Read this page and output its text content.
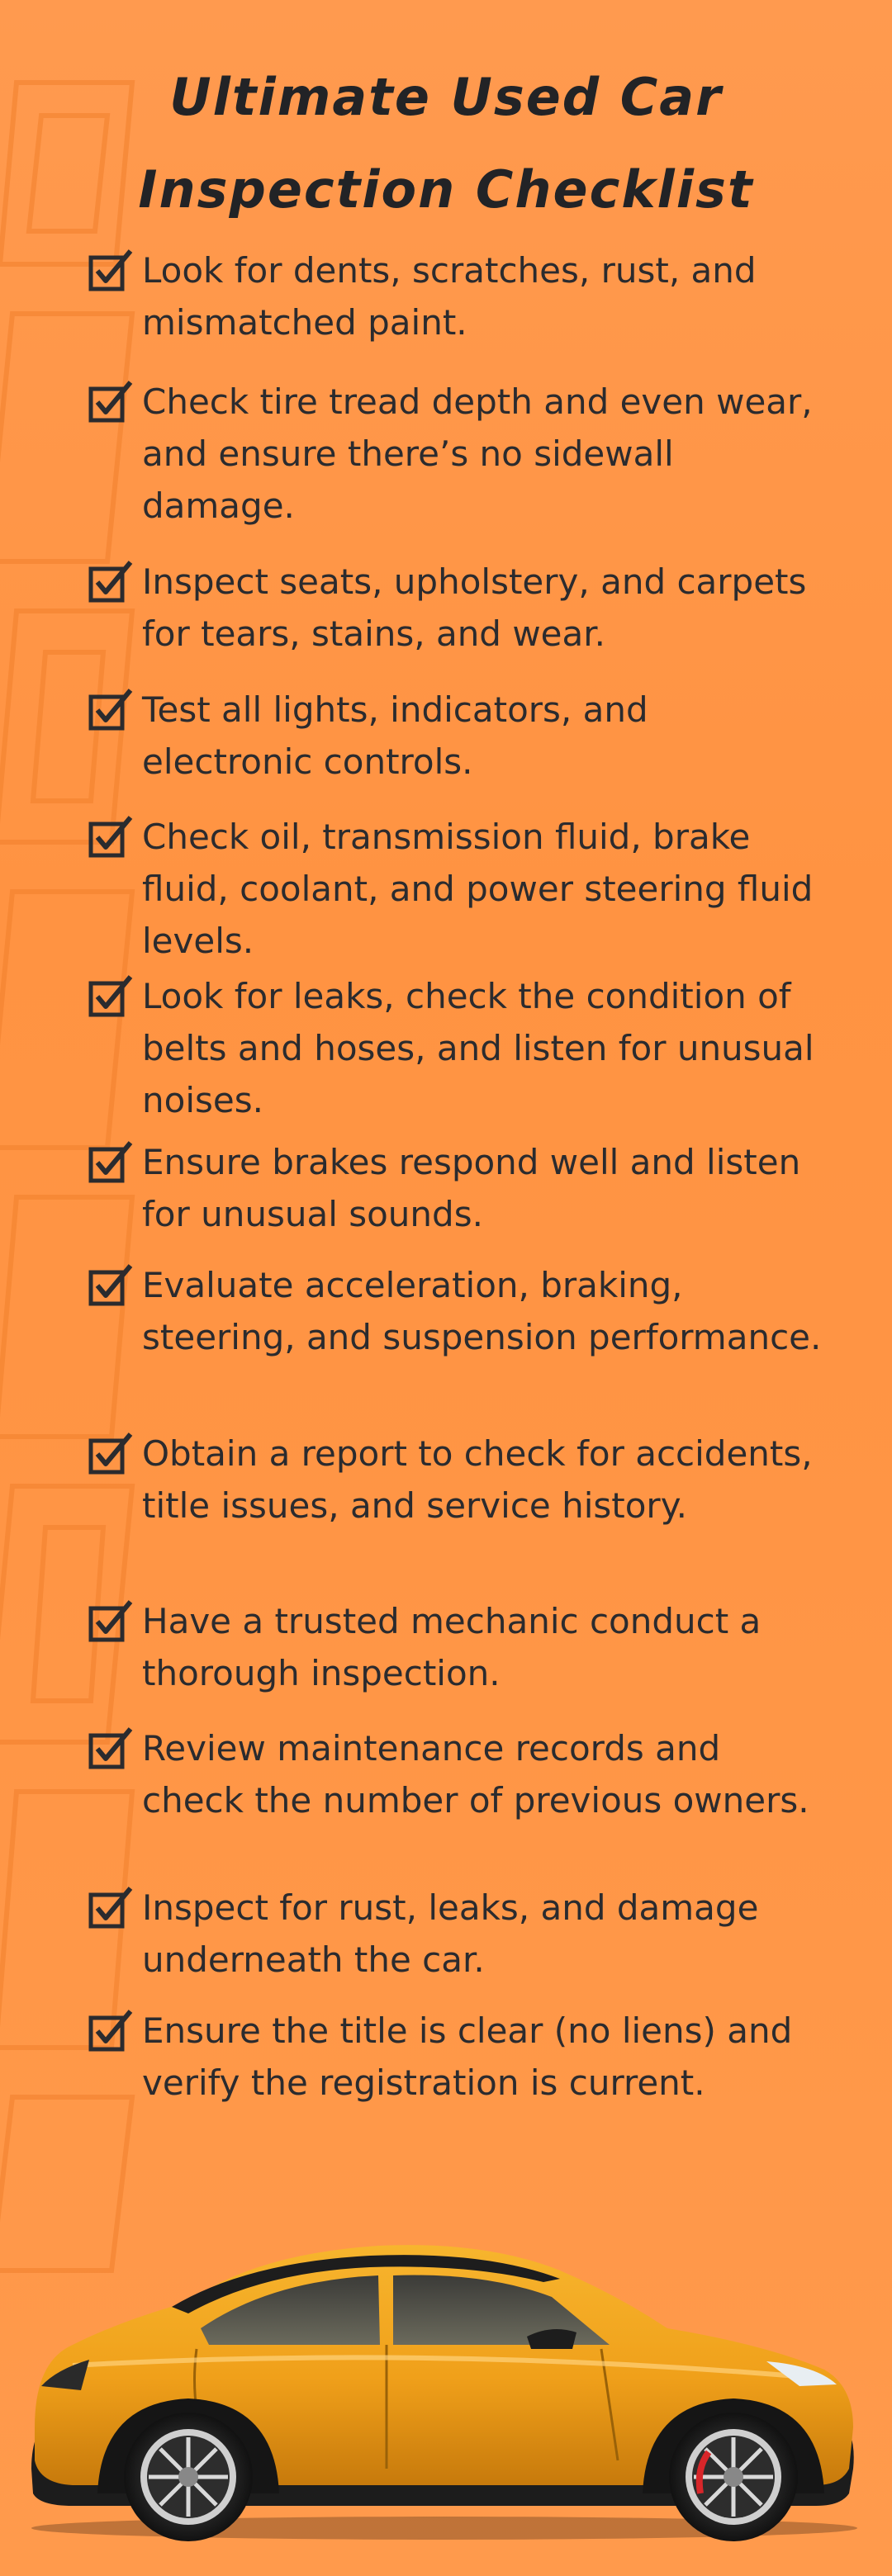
Ultimate Used Car
Inspection Checklist
Look for dents, scratches, rust, and mismatched paint.
Check tire tread depth and even wear, and ensure there’s no sidewall damage.
Inspect seats, upholstery, and carpets for tears, stains, and wear.
Test all lights, indicators, and electronic controls.
Check oil, transmission fluid, brake fluid, coolant, and power steering fluid levels.
Look for leaks, check the condition of belts and hoses, and listen for unusual noises.
Ensure brakes respond well and listen for unusual sounds.
Evaluate acceleration, braking, steering, and suspension performance.
Obtain a report to check for accidents, title issues, and service history.
Have a trusted mechanic conduct a thorough inspection.
Review maintenance records and check the number of previous owners.
Inspect for rust, leaks, and damage underneath the car.
Ensure the title is clear (no liens) and verify the registration is current.
